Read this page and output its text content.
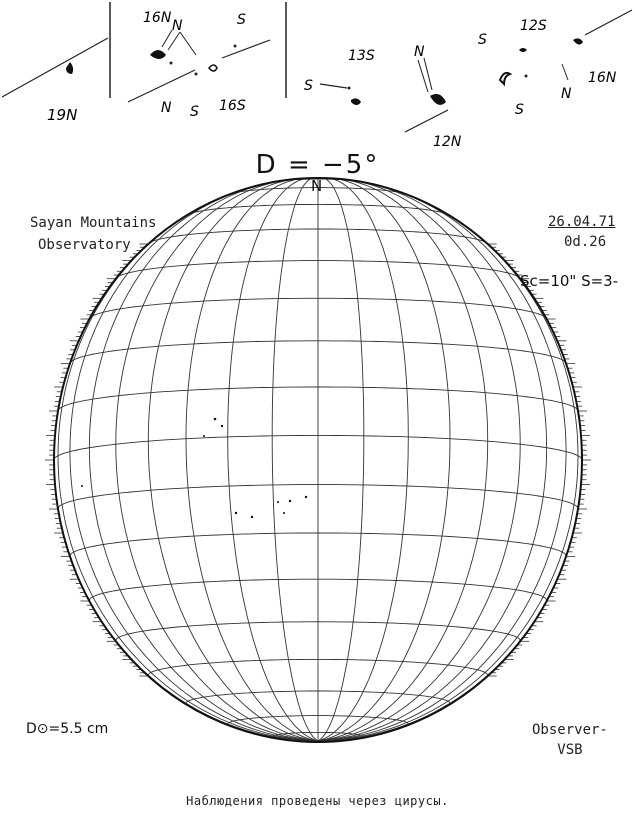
19N
16N N	S
N S 16S
13S
S
N
12N
S
12S
S
N
16N
D = −5°
N
Sayan Mountains
Observatory
26.04.71
0d.26
Sc=10" S=3-
D⊙=5.5 cm	Observer-
VSB
Наблюдения проведены через цирусы.
